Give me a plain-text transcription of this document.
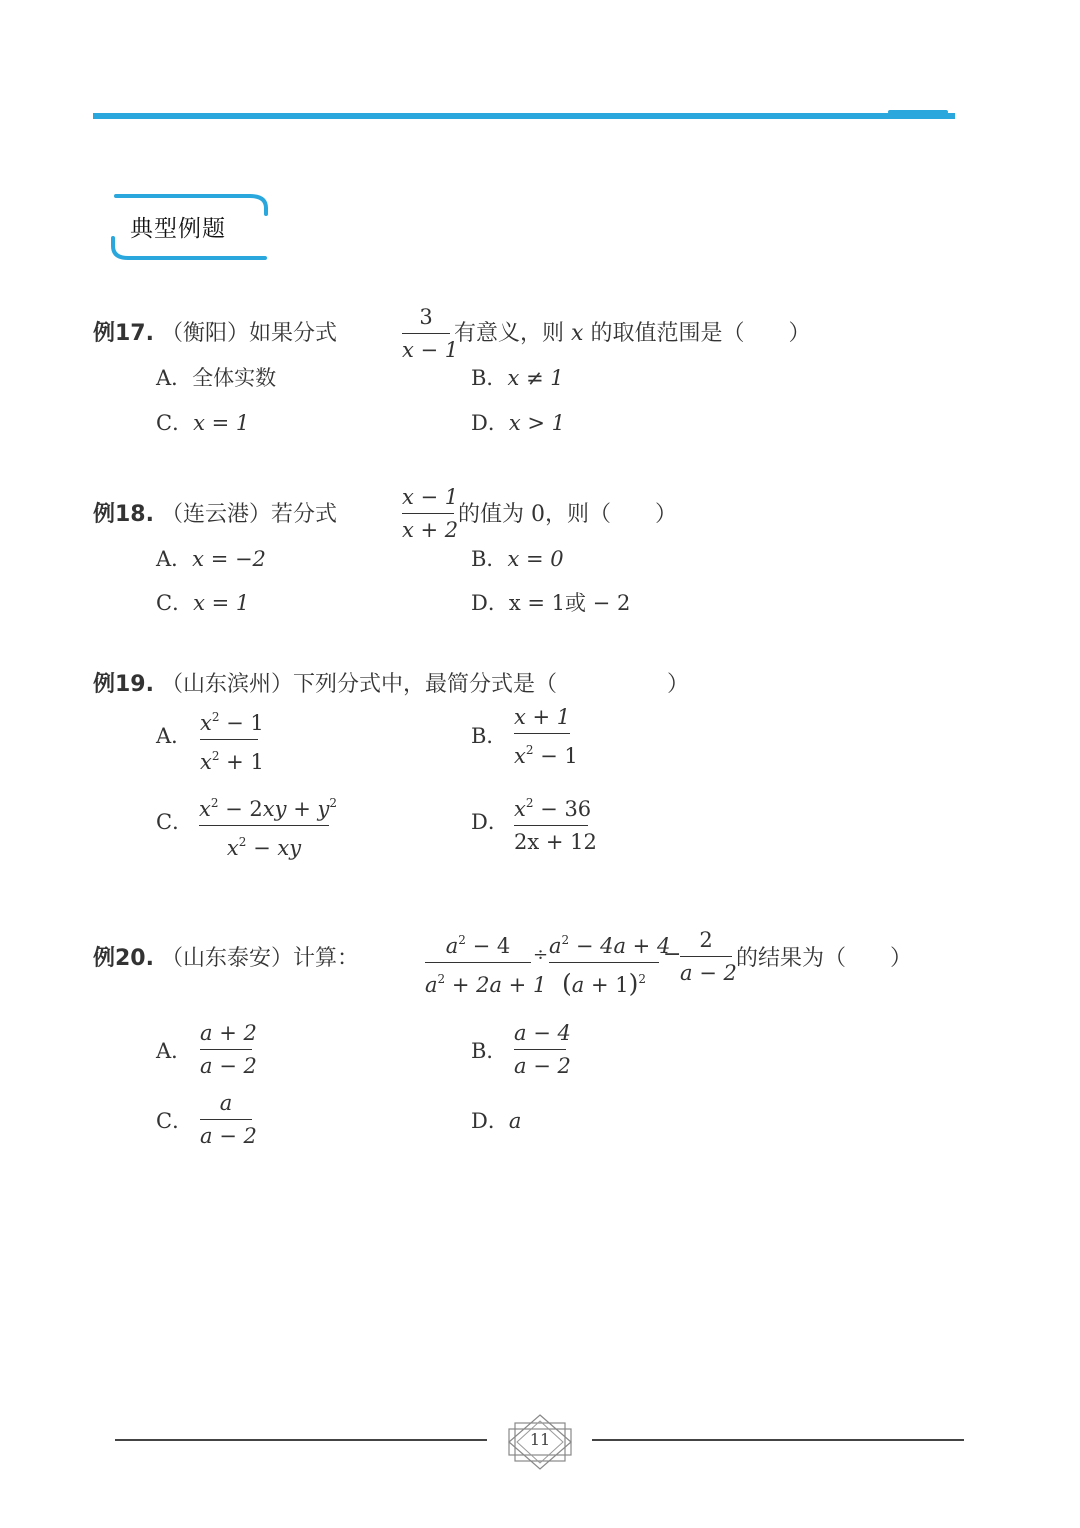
典型例题
例17. （衡阳）如果分式
3
x − 1
有意义，则 x 的取值范围是（　　）
A．全体实数	B．x ≠ 1
C．x = 1	D．x > 1
例18. （连云港）若分式
x − 1
x + 2
的值为 0，则（　　）
A．x = −2	B．x = 0
C．x = 1	D．x = 1或 − 2
例19. （山东滨州）下列分式中，最简分式是（　　　　　）
A．
$x^2 - 1$
$x^2 + 1$
B．
x + 1
$x^2 - 1$
C．
$x^2 - 2xy + y^2$
$x^2$ − xy
D．
$x^2 - 36$
2x + 12
例20. （山东泰安）计算：	$a^2 - 4$
$a^2 + 2a + 1$
÷ $a^2 - 4a + 4$
$(a + 1)^2$
−
2
a − 2
的结果为（　　）
A．
a + 2
a − 2
B．
a − 4
a − 2
C．
a
a − 2
D．a
11
